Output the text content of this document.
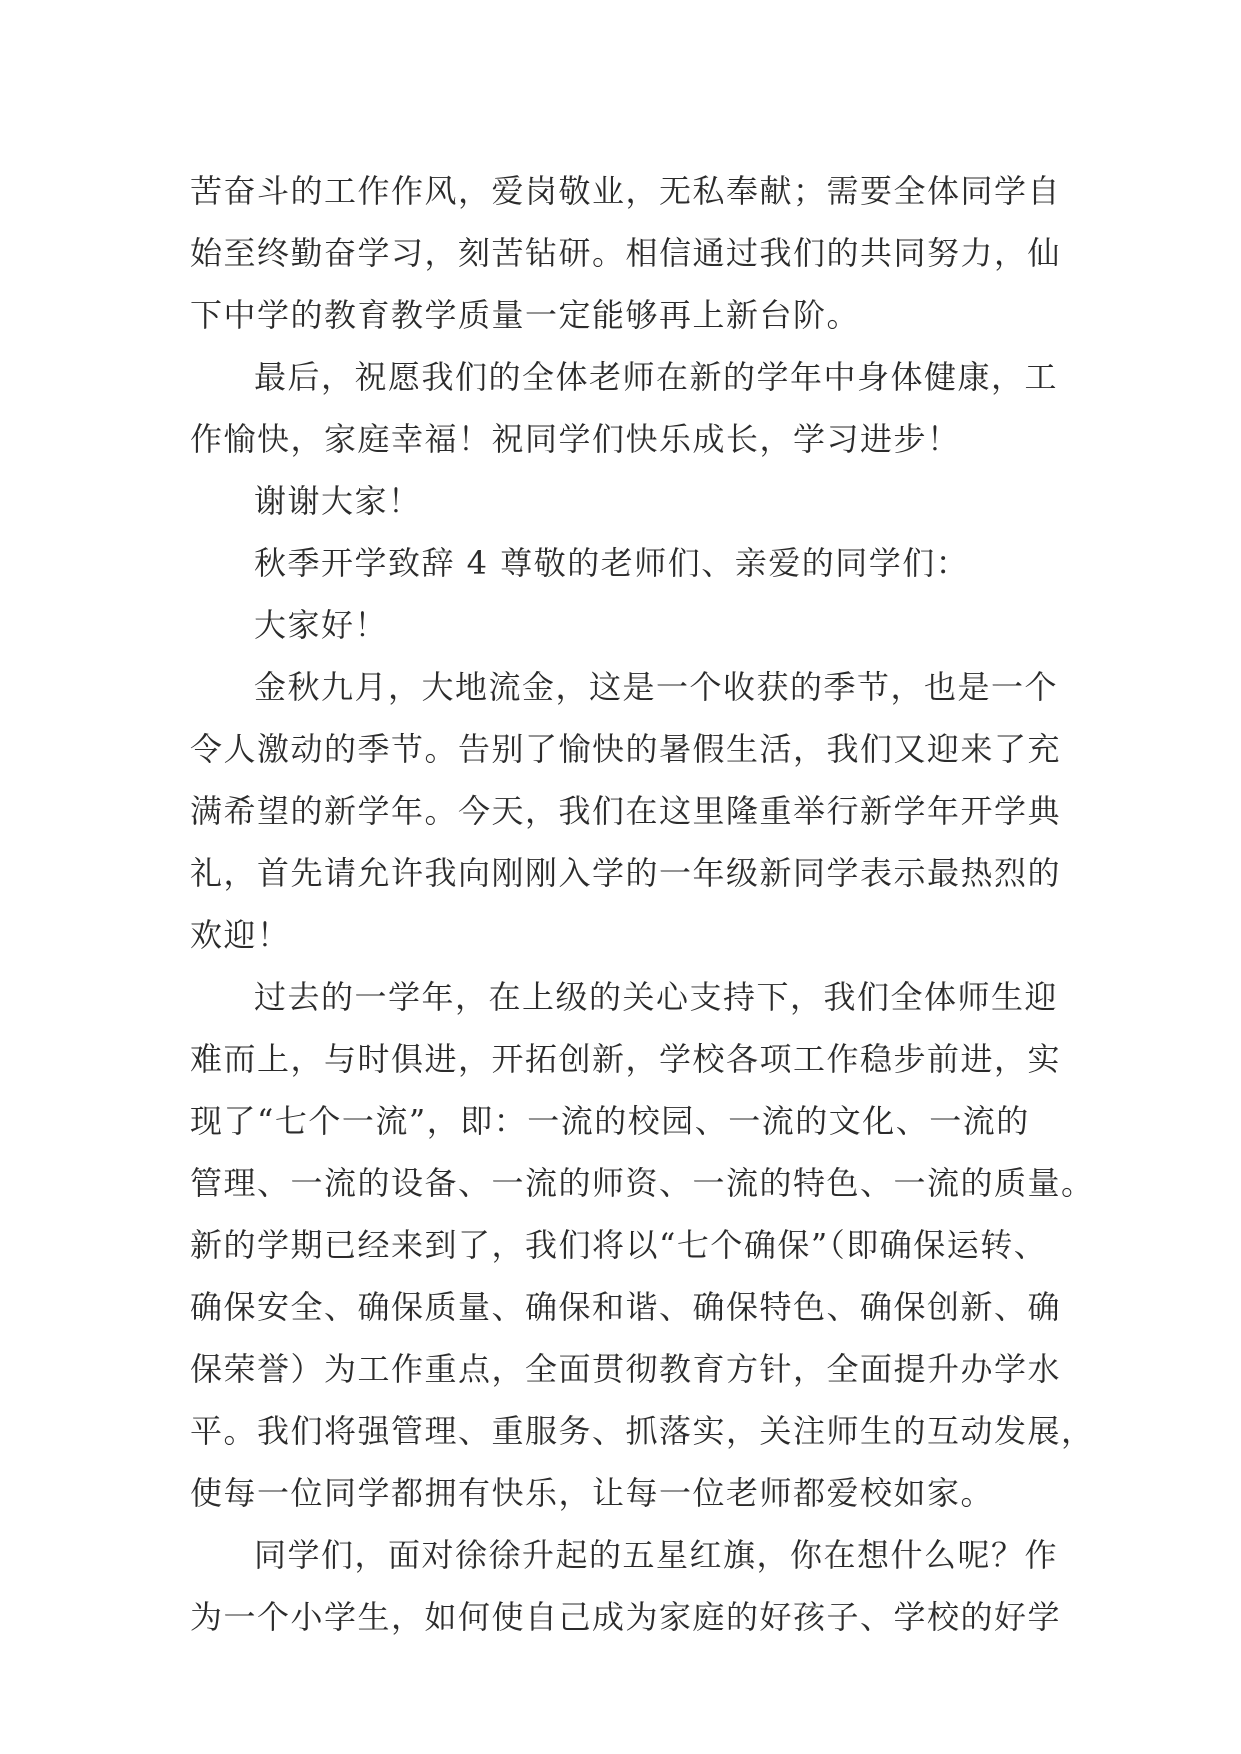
苦奋斗的工作作风，爱岗敬业，无私奉献；需要全体同学自
始至终勤奋学习，刻苦钻研。相信通过我们的共同努力，仙
下中学的教育教学质量一定能够再上新台阶。
最后，祝愿我们的全体老师在新的学年中身体健康，工
作愉快，家庭幸福！祝同学们快乐成长，学习进步！
谢谢大家！
秋季开学致辞 4 尊敬的老师们、亲爱的同学们：
大家好！
金秋九月，大地流金，这是一个收获的季节，也是一个
令人激动的季节。告别了愉快的暑假生活，我们又迎来了充
满希望的新学年。今天，我们在这里隆重举行新学年开学典
礼，首先请允许我向刚刚入学的一年级新同学表示最热烈的
欢迎！
过去的一学年，在上级的关心支持下，我们全体师生迎
难而上，与时俱进，开拓创新，学校各项工作稳步前进，实
现了“七个一流”，即：一流的校园、一流的文化、一流的
管理、一流的设备、一流的师资、一流的特色、一流的质量。
新的学期已经来到了，我们将以“七个确保”（即确保运转、
确保安全、确保质量、确保和谐、确保特色、确保创新、确
保荣誉）为工作重点，全面贯彻教育方针，全面提升办学水
平。我们将强管理、重服务、抓落实，关注师生的互动发展，
使每一位同学都拥有快乐，让每一位老师都爱校如家。
同学们，面对徐徐升起的五星红旗，你在想什么呢？作
为一个小学生，如何使自己成为家庭的好孩子、学校的好学
